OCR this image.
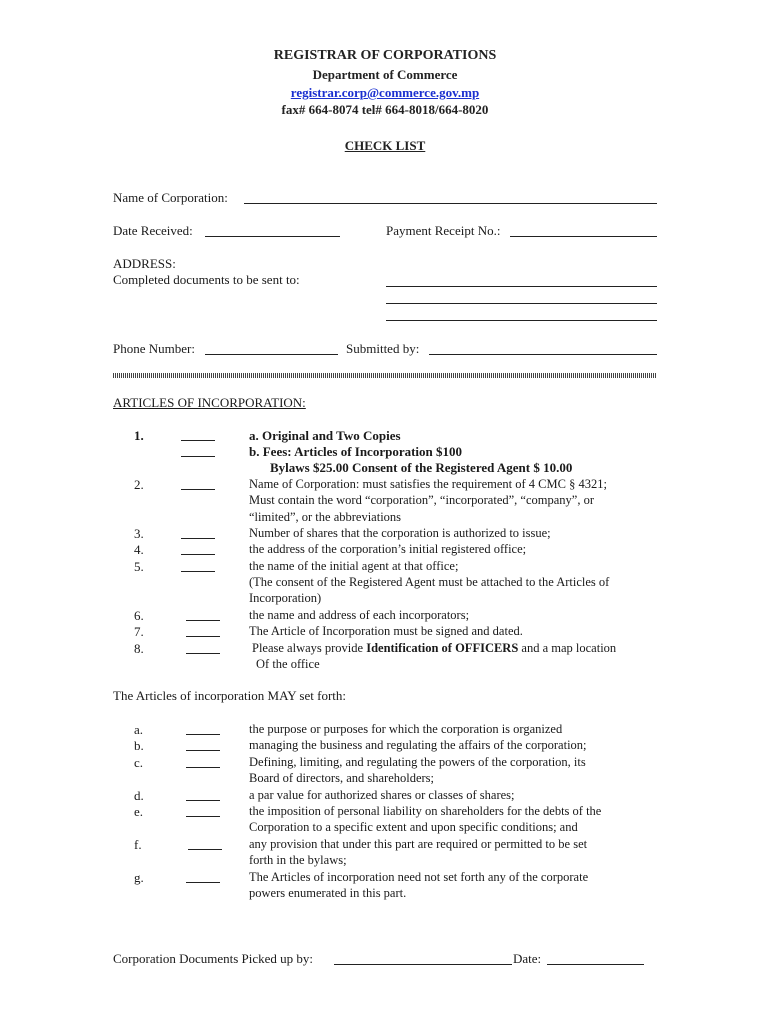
REGISTRAR OF CORPORATIONS
Department of Commerce
registrar.corp@commerce.gov.mp
fax# 664-8074 tel# 664-8018/664-8020
CHECK LIST
Name of Corporation:
Date Received:	Payment Receipt No.:
ADDRESS:
Completed documents to be sent to:
Phone Number:	Submitted by:
ARTICLES OF INCORPORATION:
1.	a. Original and Two Copies
b. Fees: Articles of Incorporation $100
Bylaws $25.00 Consent of the Registered Agent $ 10.00
2.	Name of Corporation: must satisfies the requirement of 4 CMC § 4321;
Must contain the word “corporation”, “incorporated”, “company”, or
“limited”, or the abbreviations
3.	Number of shares that the corporation is authorized to issue;
4.	the address of the corporation’s initial registered office;
5.	the name of the initial agent at that office;
(The consent of the Registered Agent must be attached to the Articles of
Incorporation)
6.	the name and address of each incorporators;
7.	The Article of Incorporation must be signed and dated.
8.	Please always provide Identification of OFFICERS and a map location
Of the office
The Articles of incorporation MAY set forth:
a.	the purpose or purposes for which the corporation is organized
b.	managing the business and regulating the affairs of the corporation;
c.	Defining, limiting, and regulating the powers of the corporation, its
Board of directors, and shareholders;
d.	a par value for authorized shares or classes of shares;
e.	the imposition of personal liability on shareholders for the debts of the
Corporation to a specific extent and upon specific conditions; and
f.	any provision that under this part are required or permitted to be set
forth in the bylaws;
g.	The Articles of incorporation need not set forth any of the corporate
powers enumerated in this part.
Corporation Documents Picked up by:	Date:
